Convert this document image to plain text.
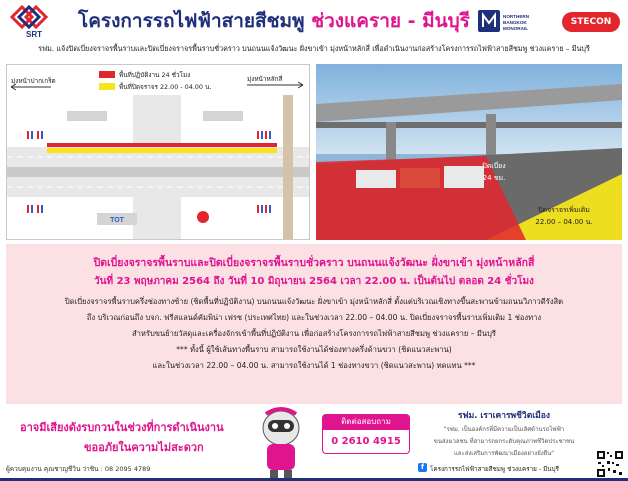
SRT
โครงการรถไฟฟ้าสายสีชมพู ช่วงแคราย - มีนบุรี	NORTHERN
BANGKOK
MONORAIL
STECON
รฟม. แจ้งปิดเบี่ยงจราจรพื้นราบและปิดเบี่ยงจราจรพื้นราบชั่วคราว บนถนนแจ้งวัฒนะ ฝั่งขาเข้า มุ่งหน้าหลักสี่ เพื่อดำเนินงานก่อสร้างโครงการรถไฟฟ้าสายสีชมพู ช่วงแคราย – มีนบุรี
พื้นที่ปฏิบัติงาน 24 ชั่วโมง
พื้นที่ปิดจราจร 22.00 - 04.00 น.
มุ่งหน้าปากเกร็ด	มุ่งหน้าหลักสี่
TOT
ปิดเบี่ยง
24 ชม.
ปิดจราจรเพิ่มเติม
22.00 – 04.00 น.

ปิดเบี่ยงจราจรพื้นราบและปิดเบี่ยงจราจรพื้นราบชั่วคราว บนถนนแจ้งวัฒนะ ฝั่งขาเข้า มุ่งหน้าหลักสี่

วันที่ 23 พฤษภาคม 2564 ถึง วันที่ 10 มิถุนายน 2564 เวลา 22.00 น. เป็นต้นไป ตลอด 24 ชั่วโมง

ปิดเบี่ยงจราจรพื้นราบครึ่งช่องทางซ้าย (ชิดพื้นที่ปฏิบัติงาน) บนถนนแจ้งวัฒนะ ฝั่งขาเข้า มุ่งหน้าหลักสี่ ตั้งแต่บริเวณเชิงทางขึ้นสะพานข้ามถนนวิภาวดีรังสิต

ถึง บริเวณก่อนถึง บจก. ฟรีสแลนด์คัมพิน่า เฟรช (ประเทศไทย) และในช่วงเวลา 22.00 – 04.00 น. ปิดเบี่ยงจราจรพื้นราบเพิ่มเติม 1 ช่องทาง

สำหรับขนย้ายวัสดุและเครื่องจักรเข้าพื้นที่ปฏิบัติงาน เพื่อก่อสร้างโครงการรถไฟฟ้าสายสีชมพู ช่วงแคราย – มีนบุรี

*** ทั้งนี้ ผู้ใช้เส้นทางพื้นราบ สามารถใช้งานได้ช่องทางครึ่งด้านขวา (ชิดแนวสะพาน)

และในช่วงเวลา 22.00 – 04.00 น. สามารถใช้งานได้ 1 ช่องทางขวา (ชิดแนวสะพาน) ทดแทน ***

อาจมีเสียงดังรบกวนในช่วงที่การดำเนินงาน
ขออภัยในความไม่สะดวก
ผู้ควบคุมงาน คุณชาญชีวิน ว่าชิน : 08 2095 4789
ติดต่อสอบถาม
0 2610 4915
รฟม. เราเคารพชีวิตเมือง
"รฟม. เป็นองค์กรที่มีความเป็นเลิศด้านรถไฟฟ้า
ขนส่งมวลชน ที่สามารถยกระดับคุณภาพชีวิตประชาชน
และส่งเสริมการพัฒนาเมืองอย่างยั่งยืน"
f โครงการรถไฟฟ้าสายสีชมพู ช่วงแคราย - มีนบุรี
